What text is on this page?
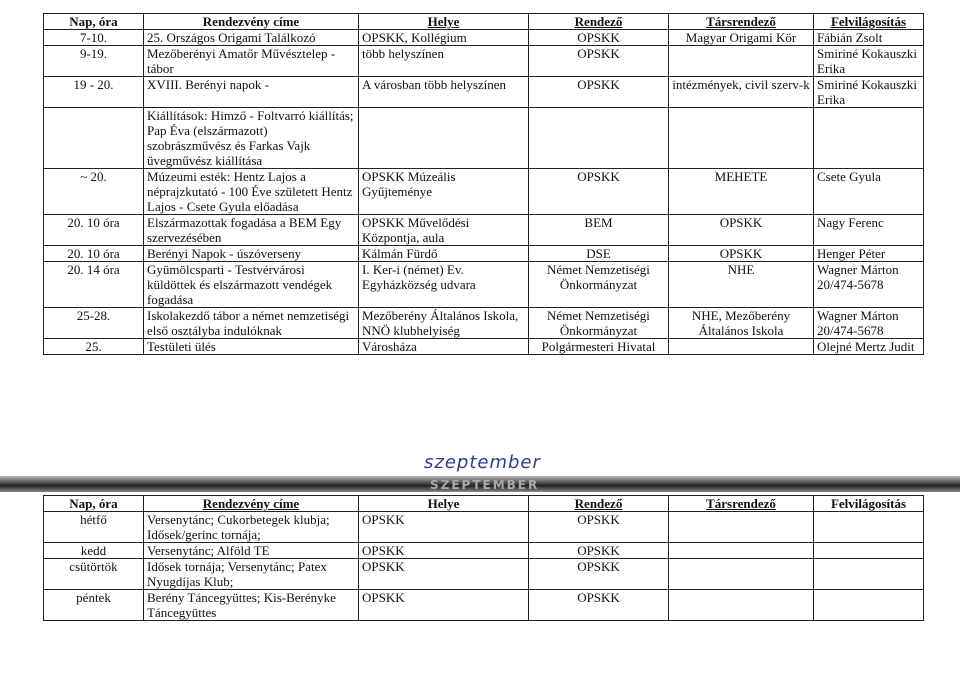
Nap, óra	Rendezvény címe	Helye	Rendező	Társrendező	Felvilágosítás
7-10.	25. Országos Origami Találkozó	OPSKK, Kollégium	OPSKK	Magyar Origami Kör	Fábián Zsolt
9-19.	Mezőberényi Amatőr Művésztelep - tábor	több helyszínen	OPSKK		Smiriné Kokauszki Erika
19 - 20.	XVIII. Berényi napok -	A városban több helyszínen	OPSKK	intézmények, civil szerv-k	Smiriné Kokauszki Erika
	Kiállítások: Himző - Foltvarró kiállítás; Pap Éva (elszármazott) szobrászművész és Farkas Vajk üvegművész kiállítása				
~ 20.	Múzeumi esték: Hentz Lajos a néprajzkutató - 100 Éve született Hentz Lajos - Csete Gyula előadása	OPSKK Múzeális Gyűjteménye	OPSKK	MEHETE	Csete Gyula
20. 10 óra	Elszármazottak fogadása a BEM Egy szervezésében	OPSKK Művelődési Központja, aula	BEM	OPSKK	Nagy Ferenc
20. 10 óra	Berényi Napok - úszóverseny	Kálmán Fürdő	DSE	OPSKK	Henger Péter
20. 14 óra	Gyümölcsparti - Testvérvárosi küldöttek és elszármazott vendégek fogadása	I. Ker-i (német) Ev. Egyházközség udvara	Német Nemzetiségi Önkormányzat	NHE	Wagner Márton 20/474-5678
25-28.	Iskolakezdő tábor a német nemzetiségi első osztályba indulóknak	Mezőberény Általános Iskola, NNÖ klubhelyiség	Német Nemzetiségi Önkormányzat	NHE, Mezőberény Általános Iskola	Wagner Márton 20/474-5678
25.	Testületi ülés	Városháza	Polgármesteri Hivatal		Olejné Mertz Judit
szeptember
SZEPTEMBER
Nap, óra	Rendezvény címe	Helye	Rendező	Társrendező	Felvilágosítás
hétfő	Versenytánc; Cukorbetegek klubja; Idősek/gerinc tornája;	OPSKK	OPSKK		
kedd	Versenytánc; Alföld TE	OPSKK	OPSKK		
csütörtök	Idősek tornája; Versenytánc; Patex Nyugdíjas Klub;	OPSKK	OPSKK		
péntek	Berény Táncegyüttes; Kis-Berényke Táncegyüttes	OPSKK	OPSKK		
